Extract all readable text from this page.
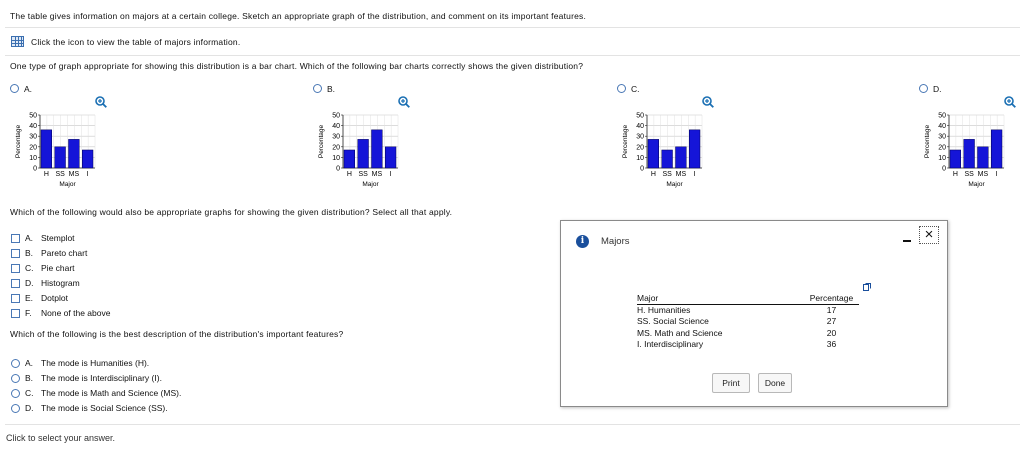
The table gives information on majors at a certain college. Sketch an appropriate graph of the distribution, and comment on its important features.
Click the icon to view the table of majors information.
One type of graph appropriate for showing this distribution is a bar chart. Which of the following bar charts correctly shows the given distribution?
A.
0
10
20
30
40
50
H SS MS I
Percentage
Major
B.
0
10
20
30
40
50
H SS MS I
Percentage
Major
C.
0
10
20
30
40
50
H SS MS I
Percentage
Major
D.
0
10
20
30
40
50
H SS MS I
Percentage
Major
Which of the following would also be appropriate graphs for showing the given distribution? Select all that apply.
A. Stemplot
B. Pareto chart
C. Pie chart
D. Histogram
E. Dotplot
F. None of the above
Which of the following is the best description of the distribution's important features?
A. The mode is Humanities (H).
B. The mode is Interdisciplinary (I).
C. The mode is Math and Science (MS).
D. The mode is Social Science (SS).
Click to select your answer.
i	Majors	×
Major	Percentage
H. Humanities	17
SS. Social Science	27
MS. Math and Science	20
I. Interdisciplinary	36
Print	Done
